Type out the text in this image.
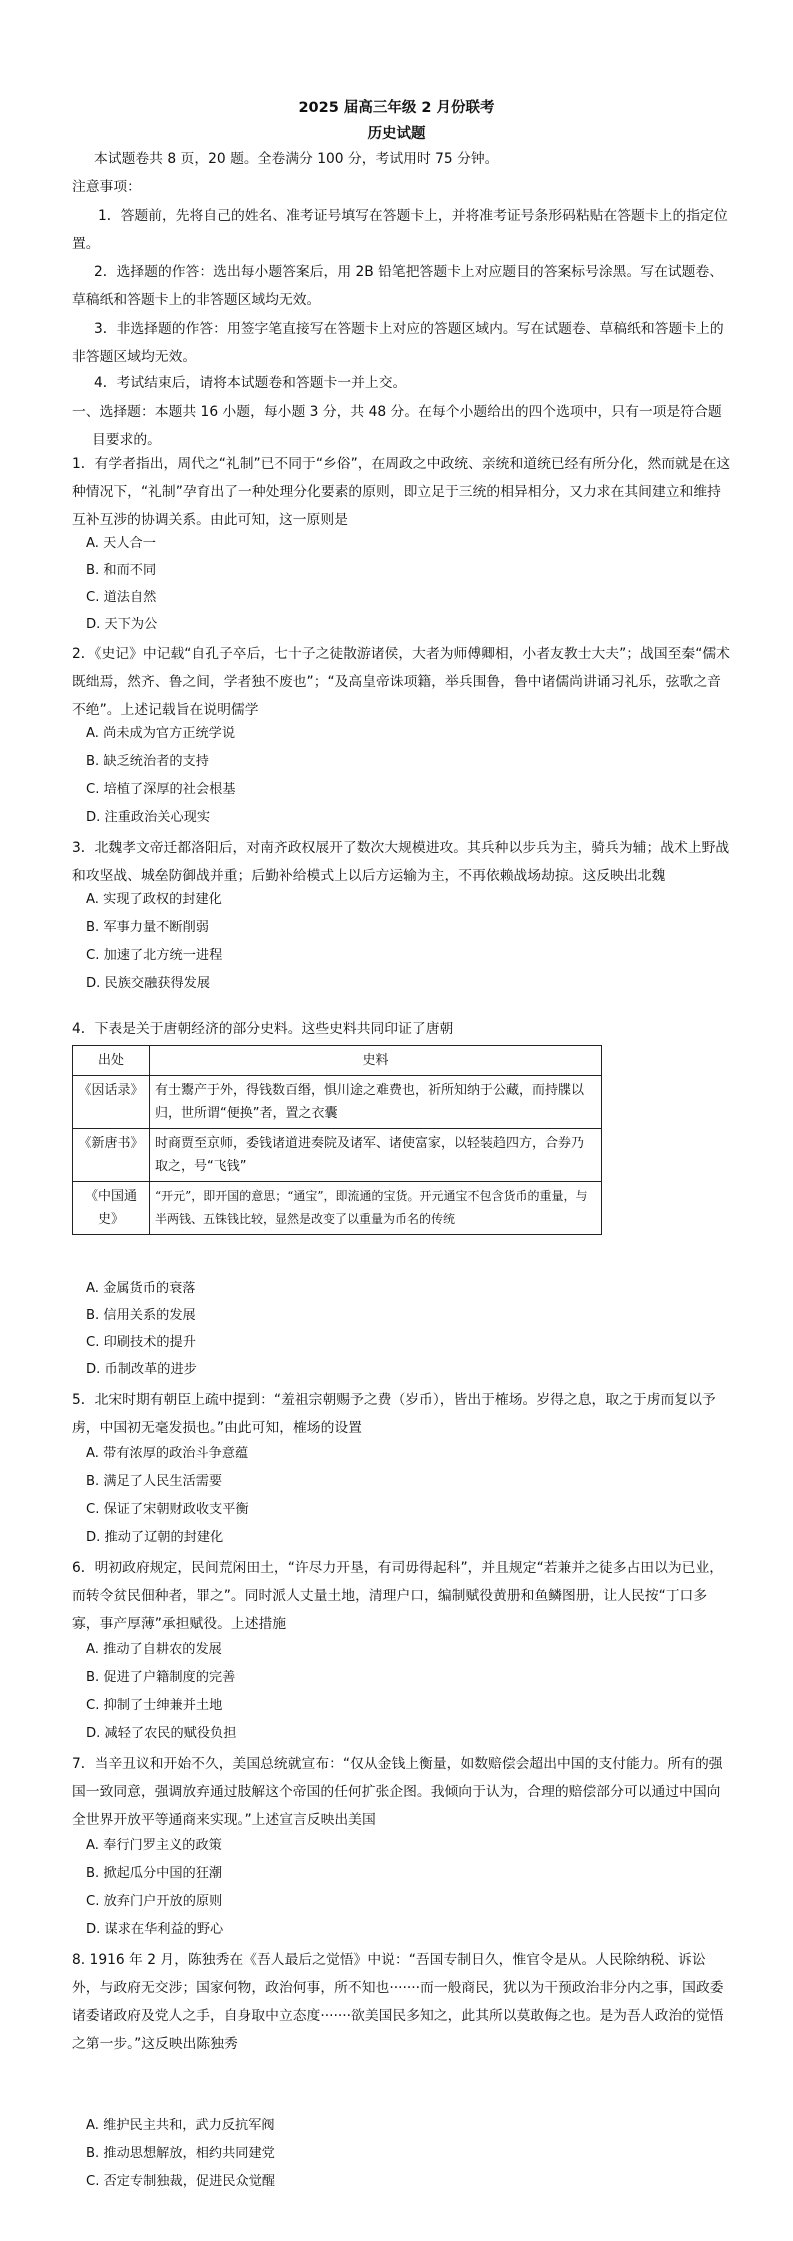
2025 届高三年级 2 月份联考
历史试题
本试题卷共 8 页，20 题。全卷满分 100 分，考试用时 75 分钟。
注意事项：
1．答题前，先将自己的姓名、准考证号填写在答题卡上，并将准考证号条形码粘贴在答题卡上的指定位置。
2．选择题的作答：选出每小题答案后，用 2B 铅笔把答题卡上对应题目的答案标号涂黑。写在试题卷、草稿纸和答题卡上的非答题区域均无效。
3．非选择题的作答：用签字笔直接写在答题卡上对应的答题区域内。写在试题卷、草稿纸和答题卡上的非答题区域均无效。
4．考试结束后，请将本试题卷和答题卡一并上交。
一、选择题：本题共 16 小题，每小题 3 分，共 48 分。在每个小题给出的四个选项中，只有一项是符合题目要求的。
1．有学者指出，周代之“礼制”已不同于“乡俗”，在周政之中政统、亲统和道统已经有所分化，然而就是在这种情况下，“礼制”孕育出了一种处理分化要素的原则，即立足于三统的相异相分，又力求在其间建立和维持互补互涉的协调关系。由此可知，这一原则是
A. 天人合一
B. 和而不同
C. 道法自然
D. 天下为公
2．《史记》中记载“自孔子卒后，七十子之徒散游诸侯，大者为师傅卿相，小者友教士大夫”；战国至秦“儒术既绌焉，然齐、鲁之间，学者独不废也”；“及高皇帝诛项籍，举兵围鲁，鲁中诸儒尚讲诵习礼乐，弦歌之音不绝”。上述记载旨在说明儒学
A. 尚未成为官方正统学说
B. 缺乏统治者的支持
C. 培植了深厚的社会根基
D. 注重政治关心现实
3．北魏孝文帝迁都洛阳后，对南齐政权展开了数次大规模进攻。其兵种以步兵为主，骑兵为辅；战术上野战和攻坚战、城垒防御战并重；后勤补给模式上以后方运输为主，不再依赖战场劫掠。这反映出北魏
A. 实现了政权的封建化
B. 军事力量不断削弱
C. 加速了北方统一进程
D. 民族交融获得发展
4．下表是关于唐朝经济的部分史料。这些史料共同印证了唐朝
出处	史料
《因话录》	有士鬻产于外，得钱数百缗，惧川途之难费也，祈所知纳于公藏，而持牒以归，世所谓“便换”者，置之衣囊
《新唐书》	时商贾至京师，委钱诸道进奏院及诸军、诸使富家，以轻装趋四方，合券乃取之，号“飞钱”
《中国通史》	“开元”，即开国的意思；“通宝”，即流通的宝货。开元通宝不包含货币的重量，与半两钱、五铢钱比较，显然是改变了以重量为币名的传统
A. 金属货币的衰落
B. 信用关系的发展
C. 印刷技术的提升
D. 币制改革的进步
5．北宋时期有朝臣上疏中提到：“羞祖宗朝赐予之费（岁币），皆出于榷场。岁得之息，取之于虏而复以予虏，中国初无毫发损也。”由此可知，榷场的设置
A. 带有浓厚的政治斗争意蕴
B. 满足了人民生活需要
C. 保证了宋朝财政收支平衡
D. 推动了辽朝的封建化
6．明初政府规定，民间荒闲田土，“许尽力开垦，有司毋得起科”，并且规定“若兼并之徒多占田以为已业，而转令贫民佃种者，罪之”。同时派人丈量土地，清理户口，编制赋役黄册和鱼鳞图册，让人民按“丁口多寡，事产厚薄”承担赋役。上述措施
A. 推动了自耕农的发展
B. 促进了户籍制度的完善
C. 抑制了士绅兼并土地
D. 减轻了农民的赋役负担
7．当辛丑议和开始不久，美国总统就宣布：“仅从金钱上衡量，如数赔偿会超出中国的支付能力。所有的强国一致同意，强调放弃通过肢解这个帝国的任何扩张企图。我倾向于认为，合理的赔偿部分可以通过中国向全世界开放平等通商来实现。”上述宣言反映出美国
A. 奉行门罗主义的政策
B. 掀起瓜分中国的狂潮
C. 放弃门户开放的原则
D. 谋求在华利益的野心
8. 1916 年 2 月，陈独秀在《吾人最后之觉悟》中说：“吾国专制日久，惟官令是从。人民除纳税、诉讼外，与政府无交涉；国家何物，政治何事，所不知也·······而一般商民，犹以为干预政治非分内之事，国政委诸委诸政府及党人之手，自身取中立态度·······欲美国民多知之，此其所以莫敢侮之也。是为吾人政治的觉悟之第一步。”这反映出陈独秀
A. 维护民主共和，武力反抗军阀
B. 推动思想解放，相约共同建党
C. 否定专制独裁，促进民众觉醒
